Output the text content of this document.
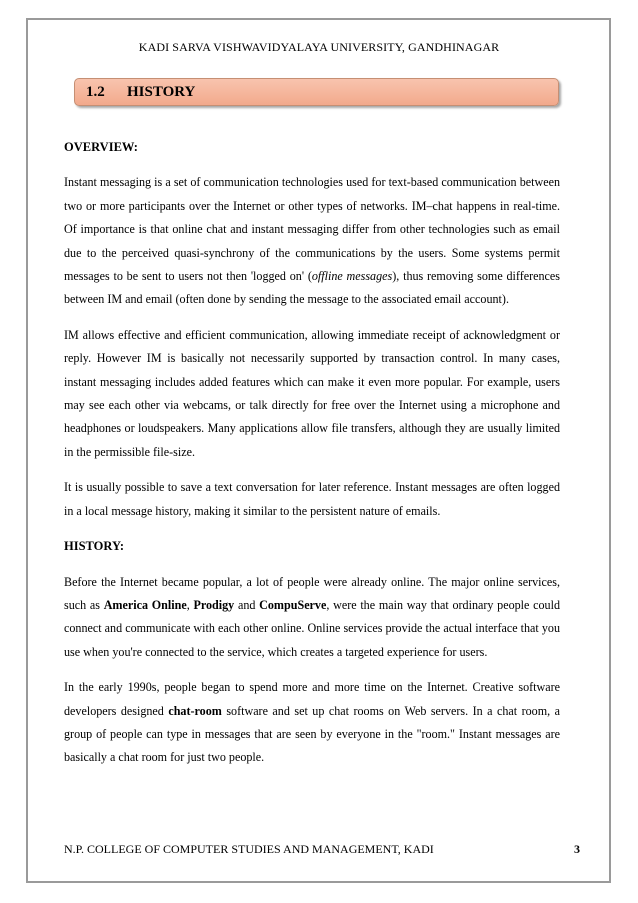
KADI SARVA VISHWAVIDYALAYA UNIVERSITY, GANDHINAGAR
1.2 HISTORY
OVERVIEW:

Instant messaging is a set of communication technologies used for text-based communication between two or more participants over the Internet or other types of networks. IM–chat happens in real-time. Of importance is that online chat and instant messaging differ from other technologies such as email due to the perceived quasi-synchrony of the communications by the users. Some systems permit messages to be sent to users not then 'logged on' (offline messages), thus removing some differences between IM and email (often done by sending the message to the associated email account).

IM allows effective and efficient communication, allowing immediate receipt of acknowledgment or reply. However IM is basically not necessarily supported by transaction control. In many cases, instant messaging includes added features which can make it even more popular. For example, users may see each other via webcams, or talk directly for free over the Internet using a microphone and headphones or loudspeakers. Many applications allow file transfers, although they are usually limited in the permissible file-size.

It is usually possible to save a text conversation for later reference. Instant messages are often logged in a local message history, making it similar to the persistent nature of emails.

HISTORY:

Before the Internet became popular, a lot of people were already online. The major online services, such as America Online, Prodigy and CompuServe, were the main way that ordinary people could connect and communicate with each other online. Online services provide the actual interface that you use when you're connected to the service, which creates a targeted experience for users.

In the early 1990s, people began to spend more and more time on the Internet. Creative software developers designed chat-room software and set up chat rooms on Web servers. In a chat room, a group of people can type in messages that are seen by everyone in the "room." Instant messages are basically a chat room for just two people.

N.P. COLLEGE OF COMPUTER STUDIES AND MANAGEMENT, KADI	3
